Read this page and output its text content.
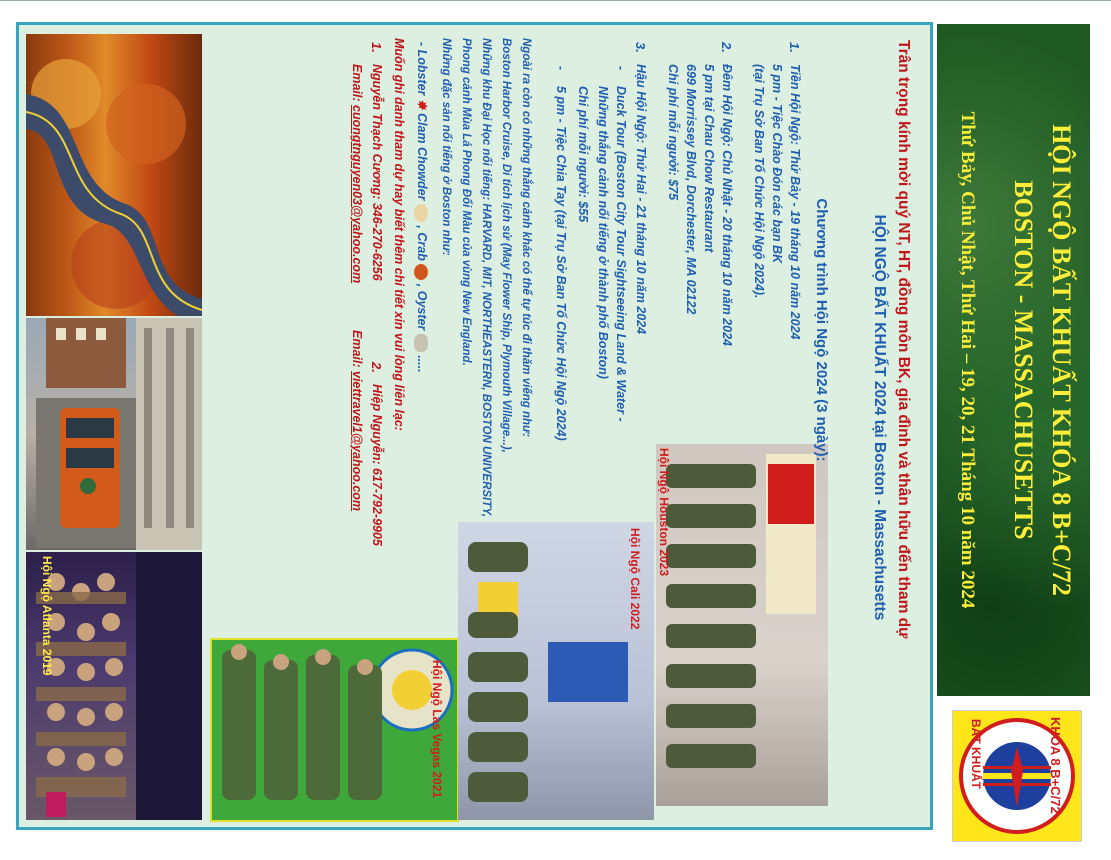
Hội Ngộ Atlanta 2019
Hội Ngộ Las Vegas 2021
Hội Ngộ Cali 2022
Hội Ngộ Houston 2023	Trân trọng kính mời quý NT, HT, đồng môn BK, gia đình và thân hữu đến tham dự
HỘI NGỘ BẤT KHUẤT 2024 tại Boston - Massachusetts
Chương trình Hội Ngộ 2024 (3 ngày):
1.
Tiền Hội Ngộ: Thứ Bảy - 19 tháng 10 năm 2024
5 pm - Tiệc Chào Đón các bạn BK
(tại Trụ Sở Ban Tổ Chức Hội Ngộ 2024).
2.
Đêm Hội Ngộ: Chủ Nhật - 20 tháng 10 năm 2024
5 pm tại Chau Chow Restaurant
699 Morrissey Blvd, Dorchester, MA 02122
Chi phí mỗi người: $75
3.
Hậu Hội Ngộ: Thứ Hai - 21 tháng 10 năm 2024
-
Duck Tour (Boston City Tour Sightseeing Land & Water -
Những thắng cảnh nổi tiếng ở thành phố Boston)
Chi phí mỗi người: $55
-
5 pm - Tiệc Chia Tay (tại Trụ Sở Ban Tổ Chức Hội Ngộ 2024)
Ngoài ra còn có những thắng cảnh khác có thể tự túc đi thăm viếng như:
Boston Harbor Cruise, Di tích lịch sử (May Flower Ship, Plymouth Village...),
Những khu Đại Học nổi tiếng: HARVARD, MIT, NORTHEASTERN, BOSTON UNIVERSITY,
Phong cảnh Mùa Lá Phong Đổi Màu của vùng New England.
Những đặc sản nổi tiếng ở Boston như:
- Lobster ✸ Clam Chowder  , Crab  , Oyster  .....
Muốn ghi danh tham dự hay biết thêm chi tiết xin vui lòng liên lạc:
1.
Nguyễn Thạch Cương: 346-270-6256
Email: cuongtnguyen03@yahoo.com
2.
Hiệp Nguyễn: 617-792-9905
Email: viettravel1@yahoo.com	HỘI NGỘ BẤT KHUẤT KHÓA 8 B+C/72
BOSTON - MASSACHUSETTS
Thứ Bảy, Chủ Nhật, Thứ Hai – 19, 20, 21 Tháng 10 năm 2024
KHÓA 8 B+C/72
BẤT KHUẤT
